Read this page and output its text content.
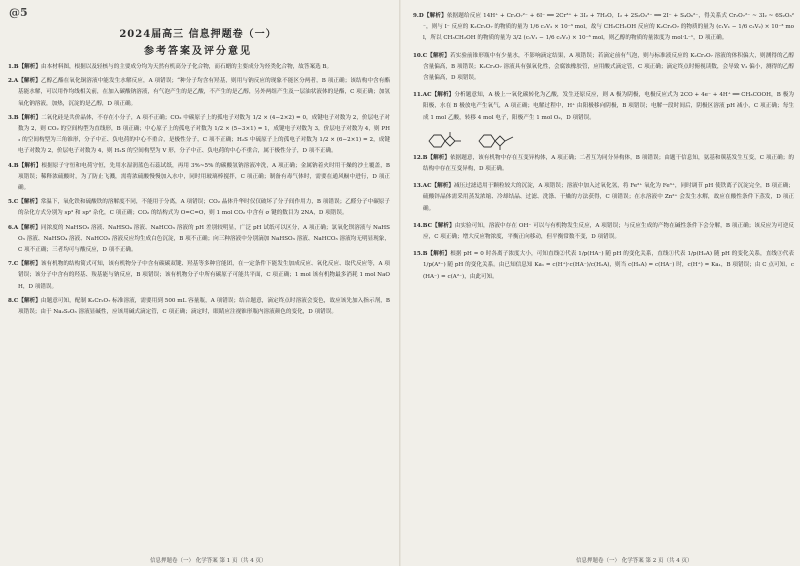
@5
2024届高三 信息押题卷（一）
参考答案及评分意见
1.B【解析】由本材料图，根据以及轻核与的主要成分均为天然有机高分子化合物，而石蜡的主要成分为烃类化合物，故答案选 B。
2.A【解析】乙醇乙酯在氧化铜溶液中能发生水解反应，A 项错误；“种分子均含有羟基，则用与钠反应的现象不能区分两者，B 项正确；该结构中含有酯基能水解，可以用作均线相关前，在加入碳酸钠溶液，有气泡产生的是乙酸，不产生的是乙醇，另外两组产生及一层油状液体的是酯，C 项正确；加氢氧化钠溶液，加热，沉淀的是乙醇，D 项正确。
3.B【解析】二氧化硅是共价晶体，不存在小分子，A 项不正确；CO₂ 中碳原子上的孤电子对数为 1/2 × (4−2×2) = 0，成键电子对数为 2，价层电子对数为 2，则 CO₂ 的空间构型为直线形，B 项正确；中心原子上的孤电子对数为 1/2 × (5−3×1) = 1，成键电子对数为 3，价层电子对数为 4，则 PH₃ 的空间构型为三角锥形，分子中正、负电荷的中心不重合，是极性分子，C 项不正确；H₂S 中硫原子上的孤电子对数为 1/2 × (6−2×1) = 2，成键电子对数为 2，价层电子对数为 4，则 H₂S 的空间构型为 V 形，分子中正、负电荷的中心不重合，属于极性分子，D 项不正确。
4.B【解析】根据原子守恒和电荷守恒，先用水湿润蓝色石蕊试纸，再用 3%~5% 的碳酸氢钠溶液冲洗，A 项正确；金属钠着火时用干燥的沙土覆盖，B 项错误；稀释浓硫酸时，为了防止飞溅，需将浓硫酸慢慢加入水中，同时用玻璃棒搅拌，C 项正确；制备有毒气体时，需要在通风橱中进行，D 项正确。
5.C【解析】常温下，氧化铁和硫酸铁的溶解度不同，不能用于分离，A 项错误；CO₂ 晶体升华时仅仅破坏了分子间作用力，B 项错误；乙醛分子中碳原子的杂化方式分别为 sp³ 和 sp² 杂化，C 项正确；CO₂ 的结构式为 O=C=O，则 1 mol CO₂ 中含有 σ 键的数目为 2NA，D 项错误。
6.A【解析】同浓度的 NaHSO₃ 溶液、NaHSO₄ 溶液、NaHCO₃ 溶液的 pH 差别较明显，广泛 pH 试纸可以区分，A 项正确；氯氧化钡溶液与 NaHSO₃ 溶液、NaHSO₄ 溶液、NaHCO₃ 溶液反应均生成白色沉淀，B 项不正确；向三种溶液中分别滴加 NaHSO₃ 溶液、NaHCO₃ 溶液均无明显现象，C 项不正确；三者均可与酸反应，D 项不正确。
7.C【解析】该有机物的结构简式可知，该有机物分子中含有碳碳双键、羟基等多种官能团，在一定条件下能发生加成反应、氧化反应、取代反应等，A 项错误；该分子中含有的羟基、羧基能与钠反应，B 项错误；该有机物分子中所有碳原子可能共平面，C 项正确；1 mol 该有机物最多消耗 1 mol NaOH，D 项错误。
8.C【解析】由题意可知，配制 K₂Cr₂O₇ 标准溶液，需要用到 500 mL 容量瓶，A 项错误；结合题意，滴定终点时溶液会变色，故应该先加入指示剂，B 项错误；由于 Na₂S₂O₃ 溶液显碱性，应该用碱式滴定管，C 项正确；滴定时，眼睛应注视锥形瓶内溶液颜色的变化，D 项错误。
信息押题卷（一） 化学答案 第 1 页（共 4 页）
9.D【解析】依据题给反应 14H⁺ + Cr₂O₇²⁻ + 6I⁻ ══ 2Cr³⁺ + 3I₂ + 7H₂O，I₂ + 2S₂O₃²⁻ ══ 2I⁻ + S₄O₆²⁻，得关系式 Cr₂O₇²⁻ ~ 3I₂ ~ 6S₂O₃²⁻，则与 I⁻ 反应的 K₂Cr₂O₇ 的物质的量为 1/6 c₂V₂ × 10⁻³ mol，故与 CH₃CH₂OH 反应的 K₂Cr₂O₇ 的物质的量为 (c₁V₁ − 1/6 c₂V₂) × 10⁻³ mol，所以 CH₃CH₂OH 的物质的量为 3/2 (c₁V₁ − 1/6 c₂V₂) × 10⁻³ mol，则乙醇的物质的量浓度为 mol·L⁻¹，D 项正确。
10.C【解析】若实验前锥形瓶中有少量水，不影响滴定结果，A 项错误；若滴定前有气泡，则与标准液反应的 K₂Cr₂O₇ 溶液的体积偏大，则测得的乙醇含量偏高，B 项错误；K₂Cr₂O₇ 溶液具有强氧化性，会腐蚀橡胶管，应用酸式滴定管，C 项正确；滴定终点时俯视读数，会导致 V₂ 偏小，测得的乙醇含量偏高，D 项错误。
11.AC【解析】分析题意知，A 极上一氧化碳转化为乙酸，发生还原反应，则 A 极为阴极，电极反应式为 2CO + 4e⁻ + 4H⁺ ══ CH₃COOH，B 极为阳极，水在 B 极放电产生氧气，A 项正确；电解过程中，H⁺ 由阳极移向阴极，B 项错误；电解一段时间后，阴极区溶液 pH 减小，C 项正确；每生成 1 mol 乙酸，转移 4 mol 电子，阳极产生 1 mol O₂，D 项错误。
12.B【解析】依据题意，该有机物中存在互变异构体，A 项正确；二者互为同分异构体，B 项错误；由题干信息知，氨基和羰基发生互变，C 项正确；的结构中存在互变异构，D 项正确。
13.AC【解析】减压过滤适用于颗粒较大的沉淀，A 项错误；溶液中加入过氧化氢，将 Fe²⁺ 氧化为 Fe³⁺，同时调节 pH 使铁离子沉淀完全，B 项正确；硫酸锌晶体需采用蒸发浓缩、冷却结晶、过滤、洗涤、干燥的方法获得，C 项错误；在水溶液中 Zn²⁺ 会发生水解，故应在酸性条件下蒸发，D 项正确。
14.BC【解析】由实验可知，溶液中存在 OH⁻ 可以与有机物发生反应，A 项错误；与反应生成的产物在碱性条件下会分解，B 项正确；该反应为可逆反应，C 项正确；增大反应物浓度，平衡正向移动，但平衡常数不变，D 项错误。
15.B【解析】根据 pH = 0 时各离子浓度大小，可知直线②代表 1/p(HA⁻) 随 pH 的变化关系，直线①代表 1/p(H₂A) 随 pH 的变化关系，直线③代表 1/p(A²⁻) 随 pH 的变化关系。由已知信息知 Ka₁ = c(H⁺)·c(HA⁻)/c(H₂A)，则当 c(H₂A) = c(HA⁻) 时，c(H⁺) = Ka₁，B 项错误；由 C 点可知，c(HA⁻) = c(A²⁻)，由此可知。
信息押题卷（一） 化学答案 第 2 页（共 4 页）
